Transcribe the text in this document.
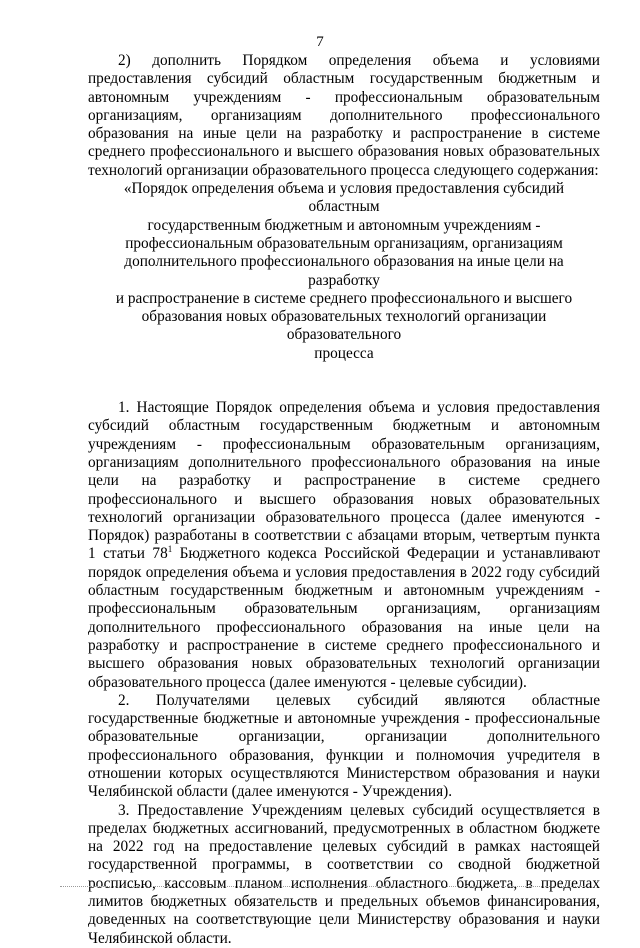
7

2) дополнить Порядком определения объема и условиями предоставления субсидий областным государственным бюджетным и автономным учреждениям - профессиональным образовательным организациям, организациям дополнительного профессионального образования на иные цели на разработку и распространение в системе среднего профессионального и высшего образования новых образовательных технологий организации образовательного процесса следующего содержания:

«Порядок определения объема и условия предоставления субсидий областным
государственным бюджетным и автономным учреждениям -
профессиональным образовательным организациям, организациям
дополнительного профессионального образования на иные цели на разработку
и распространение в системе среднего профессионального и высшего
образования новых образовательных технологий организации образовательного
процесса

1. Настоящие Порядок определения объема и условия предоставления субсидий областным государственным бюджетным и автономным учреждениям - профессиональным образовательным организациям, организациям дополнительного профессионального образования на иные цели на разработку и распространение в системе среднего профессионального и высшего образования новых образовательных технологий организации образовательного процесса (далее именуются - Порядок) разработаны в соответствии с абзацами вторым, четвертым пункта 1 статьи $78^1$ Бюджетного кодекса Российской Федерации и устанавливают порядок определения объема и условия предоставления в 2022 году субсидий областным государственным бюджетным и автономным учреждениям - профессиональным образовательным организациям, организациям дополнительного профессионального образования на иные цели на разработку и распространение в системе среднего профессионального и высшего образования новых образовательных технологий организации образовательного процесса (далее именуются - целевые субсидии).

2. Получателями целевых субсидий являются областные государственные бюджетные и автономные учреждения - профессиональные образовательные организации, организации дополнительного профессионального образования, функции и полномочия учредителя в отношении которых осуществляются Министерством образования и науки Челябинской области (далее именуются - Учреждения).

3. Предоставление Учреждениям целевых субсидий осуществляется в пределах бюджетных ассигнований, предусмотренных в областном бюджете на 2022 год на предоставление целевых субсидий в рамках настоящей государственной программы, в соответствии со сводной бюджетной росписью, кассовым планом исполнения областного бюджета, в пределах лимитов бюджетных обязательств и предельных объемов финансирования, доведенных на соответствующие цели Министерству образования и науки Челябинской области.
